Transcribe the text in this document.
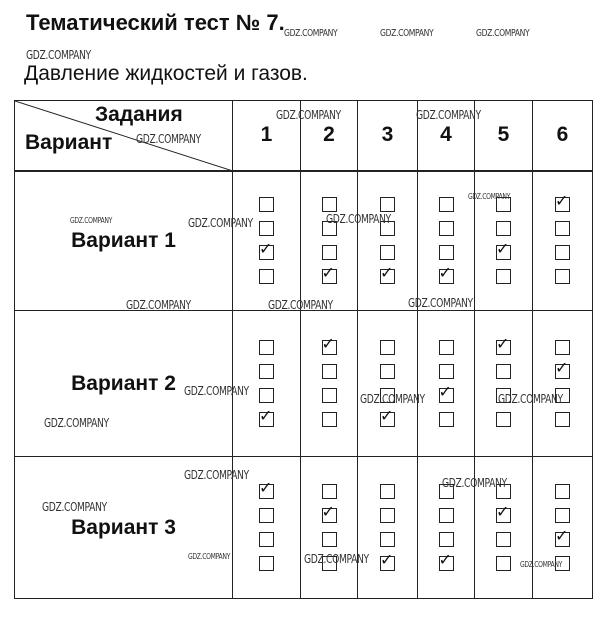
Тематический тест № 7.
Давление жидкостей и газов.
Задания
Вариант	1	2	3	4	5	6
Вариант 1	✓	✓	✓	✓	✓	✓

Вариант 2	✓	✓	✓	✓	✓	✓

Вариант 3	✓	✓	✓	✓	✓	✓
GDZ.COMPANY	GDZ.COMPANY	GDZ.COMPANY
GDZ.COMPANY
GDZ.COMPANY	GDZ.COMPANY
GDZ.COMPANY
GDZ.COMPANY
GDZ.COMPANY	GDZ.COMPANY	GDZ.COMPANY
GDZ.COMPANY	GDZ.COMPANY	GDZ.COMPANY
GDZ.COMPANY
GDZ.COMPANY	GDZ.COMPANY
GDZ.COMPANY
GDZ.COMPANY
GDZ.COMPANY
GDZ.COMPANY
GDZ.COMPANY	GDZ.COMPANY	GDZ.COMPANY
